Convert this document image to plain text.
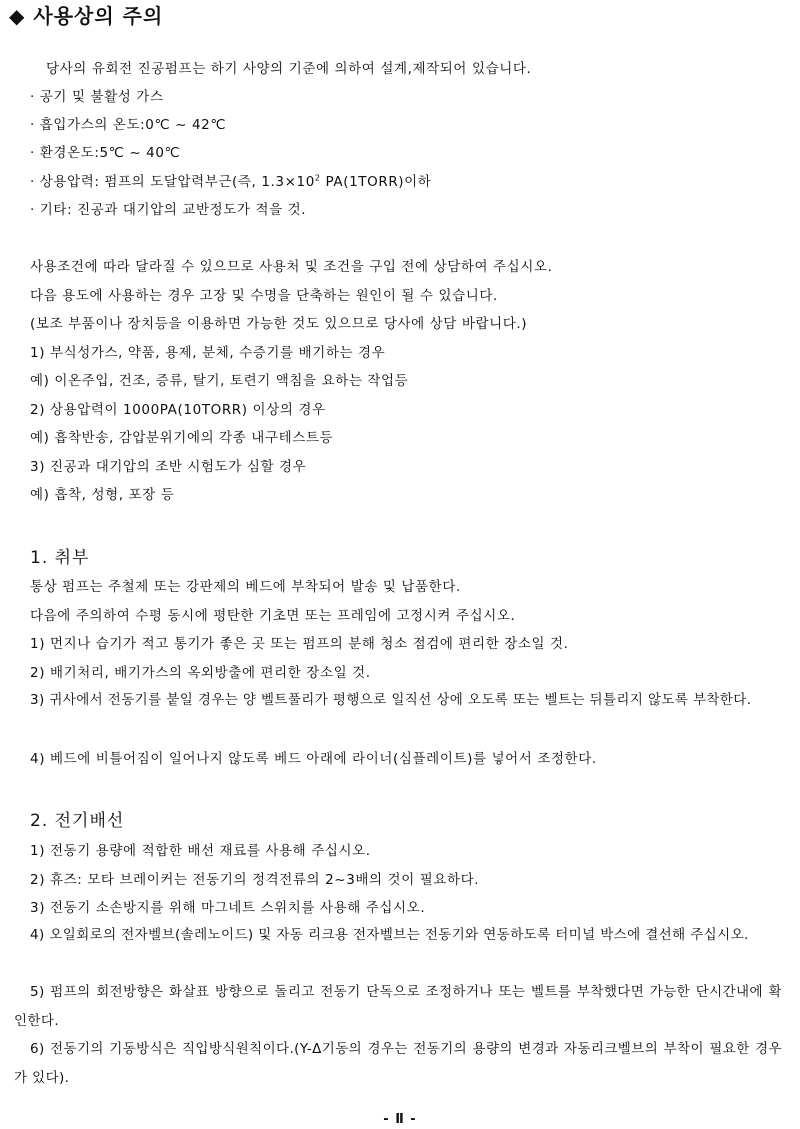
◆ 사용상의 주의
당사의 유회전 진공펌프는 하기 사양의 기준에 의하여 설계,제작되어 있습니다.
· 공기 및 불활성 가스
· 흡입가스의 온도:0℃ ~ 42℃
· 환경온도:5℃ ~ 40℃
· 상용압력: 펌프의 도달압력부근(즉, $1.3\times 10^2$ PA(1TORR)이하
· 기타: 진공과 대기압의 교반정도가 적을 것.
사용조건에 따라 달라질 수 있으므로 사용처 및 조건을 구입 전에 상담하여 주십시오.
다음 용도에 사용하는 경우 고장 및 수명을 단축하는 원인이 될 수 있습니다.
(보조 부품이나 장치등을 이용하면 가능한 것도 있으므로 당사에 상담 바랍니다.)
1) 부식성가스, 약품, 용제, 분체, 수증기를 배기하는 경우
예) 이온주입, 건조, 증류, 탈기, 토련기 액침을 요하는 작업등
2) 상용압력이 1000PA(10TORR) 이상의 경우
예) 흡착반송, 감압분위기에의 각종 내구테스트등
3) 진공과 대기압의 조반 시험도가 심할 경우
예) 흡착, 성형, 포장 등
1. 취부
통상 펌프는 주철제 또는 강판제의 베드에 부착되어 발송 및 납품한다.
다음에 주의하여 수평 동시에 평탄한 기초면 또는 프레임에 고정시켜 주십시오.
1) 먼지나 습기가 적고 통기가 좋은 곳 또는 펌프의 분해 청소 점검에 편리한 장소일 것.
2) 배기처리, 배기가스의 옥외방출에 편리한 장소일 것.
3) 귀사에서 전동기를 붙일 경우는 양 벨트풀리가 평행으로 일직선 상에 오도록 또는 벨트는 뒤틀리지 않도록 부착한다.
4) 베드에 비틀어짐이 일어나지 않도록 베드 아래에 라이너(심플레이트)를 넣어서 조정한다.
2. 전기배선
1) 전동기 용량에 적합한 배선 재료를 사용해 주십시오.
2) 휴즈: 모타 브레이커는 전동기의 정격전류의 2~3배의 것이 필요하다.
3) 전동기 소손방지를 위해 마그네트 스위치를 사용해 주십시오.
4) 오일회로의 전자벨브(솔레노이드) 및 자동 리크용 전자벨브는 전동기와 연동하도록 터미널 박스에 결선해 주십시오.
5) 펌프의 회전방향은 화살표 방향으로 돌리고 전동기 단독으로 조정하거나 또는 벨트를 부착했다면 가능한 단시간내에 확인한다.
6) 전동기의 기동방식은 직입방식원칙이다.(Y-Δ기동의 경우는 전동기의 용량의 변경과 자동리크벨브의 부착이 필요한 경우가 있다).
- Ⅱ -
